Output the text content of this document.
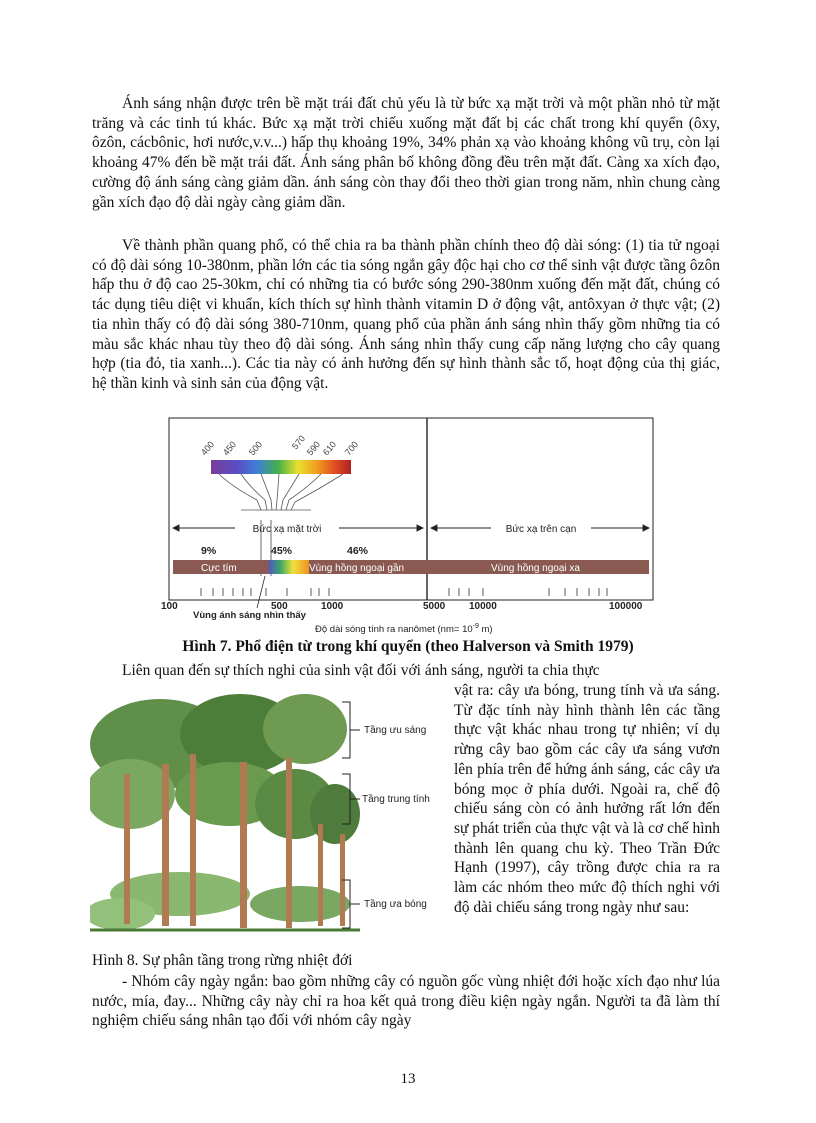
Ánh sáng nhận được trên bề mặt trái đất chủ yếu là từ bức xạ mặt trời và một phần nhỏ từ mặt trăng và các tinh tú khác. Bức xạ mặt trời chiếu xuống mặt đất bị các chất trong khí quyển (ôxy, ôzôn, cácbônic, hơi nước,v.v...) hấp thụ khoảng 19%, 34% phản xạ vào khoảng không vũ trụ, còn lại khoảng 47% đến bề mặt trái đất. Ánh sáng phân bố không đồng đều trên mặt đất. Càng xa xích đạo, cường độ ánh sáng càng giảm dần. ánh sáng còn thay đổi theo thời gian trong năm, nhìn chung càng gần xích đạo độ dài ngày càng giảm dần.
Về thành phần quang phổ, có thể chia ra ba thành phần chính theo độ dài sóng: (1) tia tử ngoại có độ dài sóng 10-380nm, phần lớn các tia sóng ngắn gây độc hại cho cơ thể sinh vật được tầng ôzôn hấp thu ở độ cao 25-30km, chỉ có những tia có bước sóng 290-380nm xuống đến mặt đất, chúng có tác dụng tiêu diệt vi khuẩn, kích thích sự hình thành vitamin D ở động vật, antôxyan ở thực vật; (2) tia nhìn thấy có độ dài sóng 380-710nm, quang phổ của phần ánh sáng nhìn thấy gồm những tia có màu sắc khác nhau tùy theo độ dài sóng. Ánh sáng nhìn thấy cung cấp năng lượng cho cây quang hợp (tia đỏ, tia xanh...). Các tia này có ảnh hưởng đến sự hình thành sắc tố, hoạt động của thị giác, hệ thần kinh và sinh sản của động vật.
400 450 500	570
590
610 700
Bức xạ mặt trời	Bức xạ trên cạn
9%	45%	46%
Cực tím	Vùng hồng ngoại gần	Vùng hồng ngoại xa
100	500	1000	5000 10000	100000
Vùng ánh sáng nhìn thấy
Độ dài sóng tính ra nanômet ($nm= 10^{-9}$ m)
Hình 7. Phổ điện từ trong khí quyển (theo Halverson và Smith 1979)
Liên quan đến sự thích nghi của sinh vật đối với ánh sáng, người ta chia thực
Tầng ưu sáng
Tầng trung tính
Tầng ưa bóng
vật ra: cây ưa bóng, trung tính và ưa sáng. Từ đặc tính này hình thành lên các tầng thực vật khác nhau trong tự nhiên; ví dụ rừng cây bao gồm các cây ưa sáng vươn lên phía trên để hứng ánh sáng, các cây ưa bóng mọc ở phía dưới. Ngoài ra, chế độ chiếu sáng còn có ảnh hưởng rất lớn đến sự phát triển của thực vật và là cơ chế hình thành lên quang chu kỳ. Theo Trần Đức Hạnh (1997), cây trồng được chia ra ra làm các nhóm theo mức độ thích nghi với độ dài chiếu sáng trong ngày như sau:
Hình 8. Sự phân tầng trong rừng nhiệt đới
- Nhóm cây ngày ngắn: bao gồm những cây có nguồn gốc vùng nhiệt đới hoặc xích đạo như lúa nước, mía, đay... Những cây này chỉ ra hoa kết quả trong điều kiện ngày ngắn. Người ta đã làm thí nghiệm chiếu sáng nhân tạo đối với nhóm cây ngày
13
